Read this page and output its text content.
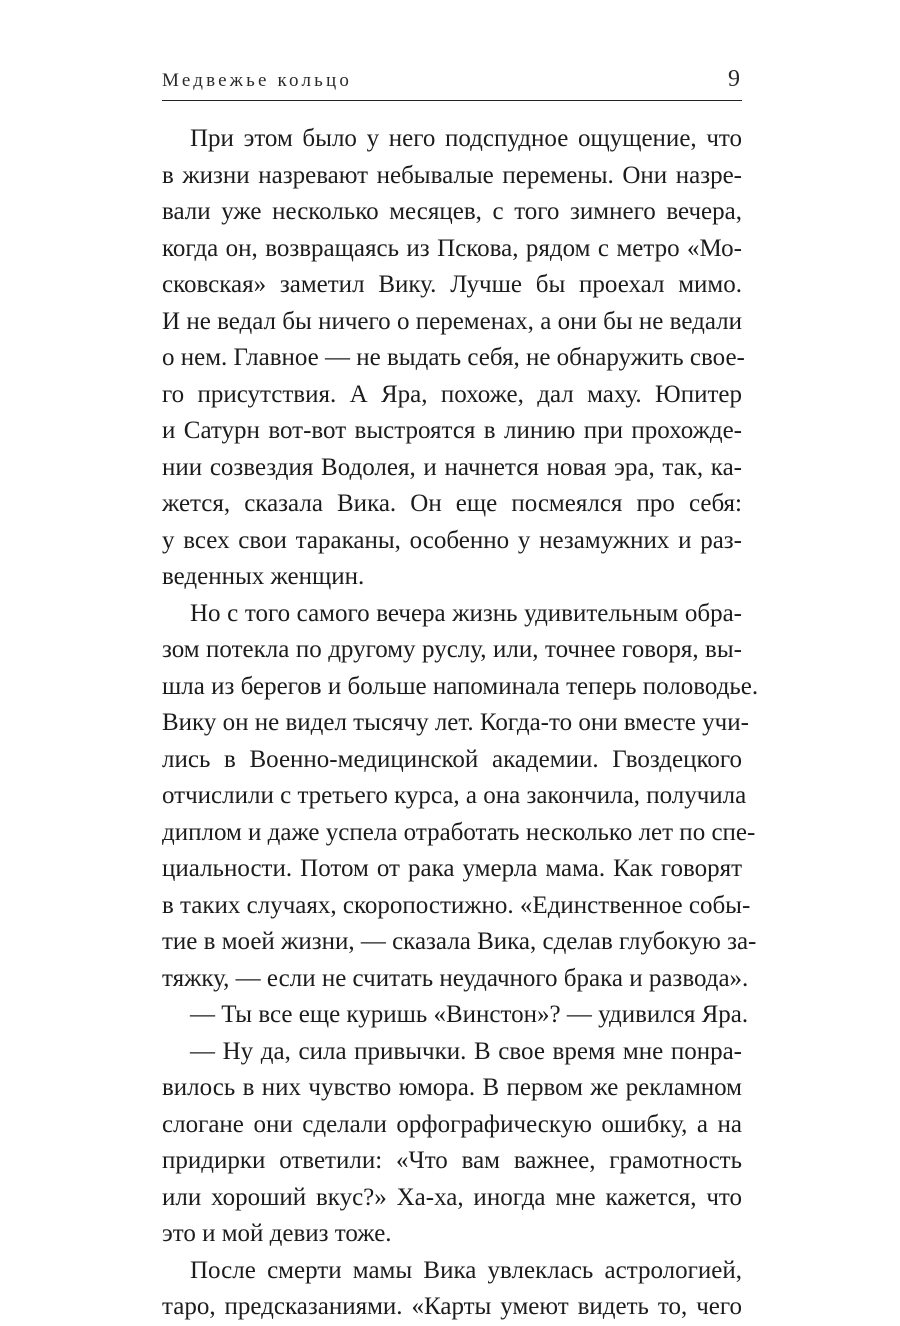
Медвежье кольцо	9
При этом было у него подспудное ощущение, что
в жизни назревают небывалые перемены. Они назре-
вали уже несколько месяцев, с того зимнего вечера,
когда он, возвращаясь из Пскова, рядом с метро «Мо-
сковская» заметил Вику. Лучше бы проехал мимо.
И не ведал бы ничего о переменах, а они бы не ведали
о нем. Главное — не выдать себя, не обнаружить свое-
го присутствия. А Яра, похоже, дал маху. Юпитер
и Сатурн вот-вот выстроятся в линию при прохожде-
нии созвездия Водолея, и начнется новая эра, так, ка-
жется, сказала Вика. Он еще посмеялся про себя:
у всех свои тараканы, особенно у незамужних и раз-
веденных женщин.
Но с того самого вечера жизнь удивительным обра-
зом потекла по другому руслу, или, точнее говоря, вы-
шла из берегов и больше напоминала теперь половодье.
Вику он не видел тысячу лет. Когда-то они вместе учи-
лись в Военно-медицинской академии. Гвоздецкого
отчислили с третьего курса, а она закончила, получила
диплом и даже успела отработать несколько лет по спе-
циальности. Потом от рака умерла мама. Как говорят
в таких случаях, скоропостижно. «Единственное собы-
тие в моей жизни, — сказала Вика, сделав глубокую за-
тяжку, — если не считать неудачного брака и развода».
— Ты все еще куришь «Винстон»? — удивился Яра.
— Ну да, сила привычки. В свое время мне понра-
вилось в них чувство юмора. В первом же рекламном
слогане они сделали орфографическую ошибку, а на
придирки ответили: «Что вам важнее, грамотность
или хороший вкус?» Ха-ха, иногда мне кажется, что
это и мой девиз тоже.
После смерти мамы Вика увлеклась астрологией,
таро, предсказаниями. «Карты умеют видеть то, чего
